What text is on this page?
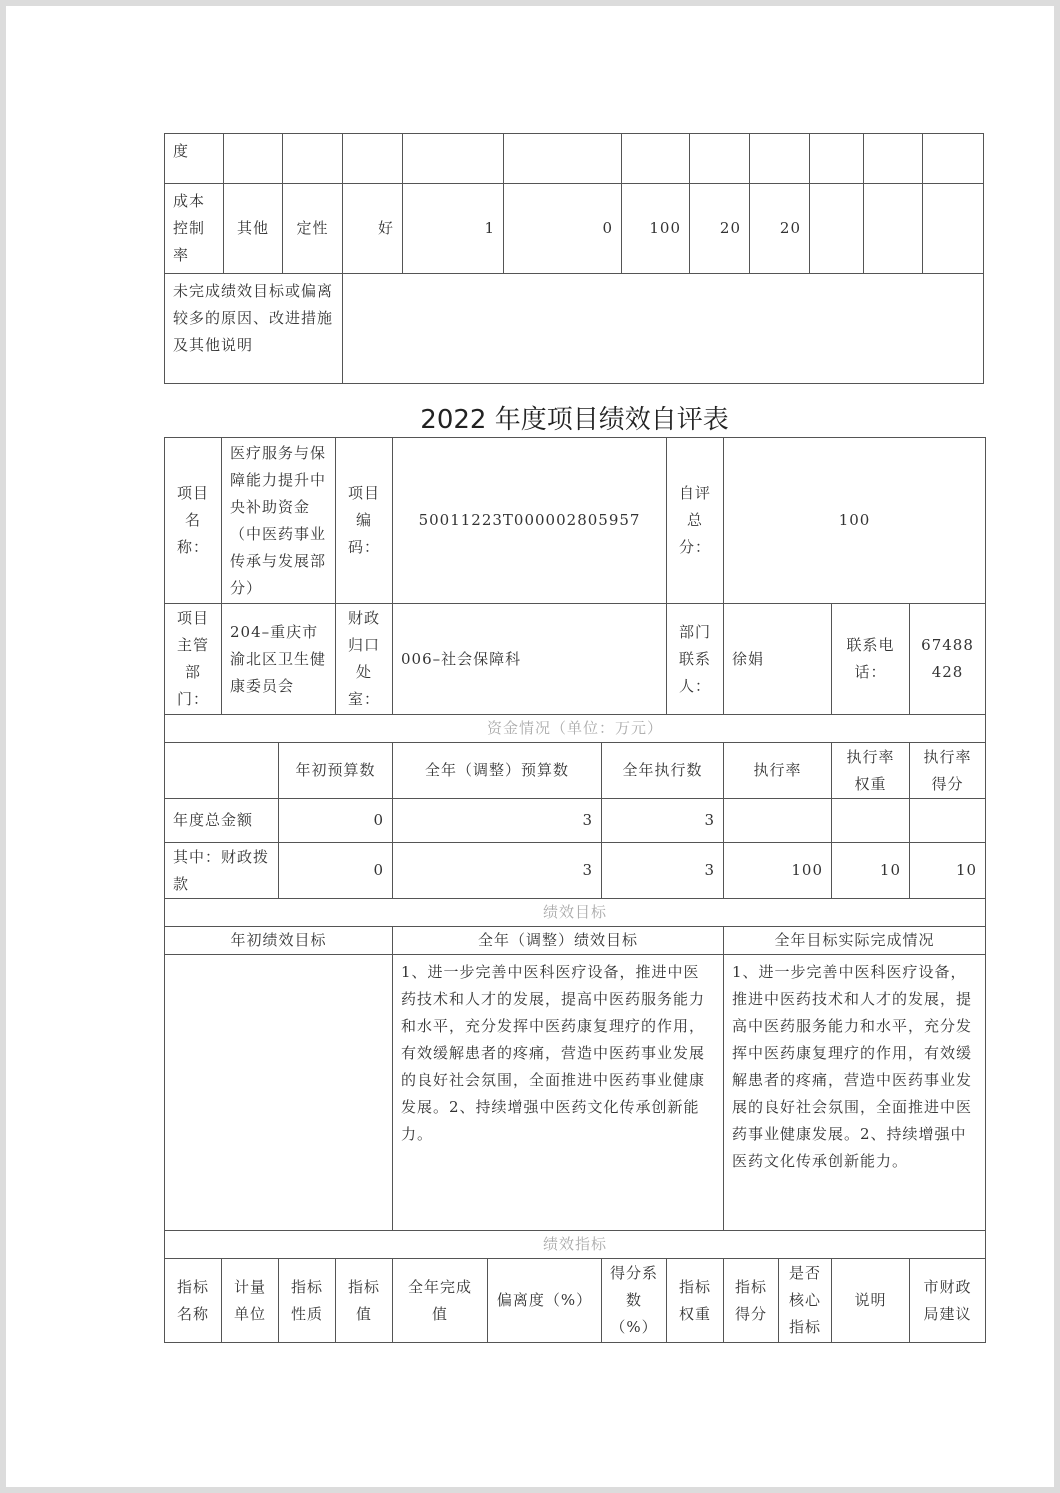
度											
成本控制率	其他	定性	好	1	0	100	20	20			
未完成绩效目标或偏离较多的原因、改进措施及其他说明											
2022 年度项目绩效自评表
项目名称：	医疗服务与保障能力提升中央补助资金（中医药事业传承与发展部分）		项目编码：	50011223T000002805957			自评总分：	100			
项目主管部门：	204–重庆市渝北区卫生健康委员会		财政归口处室：	006–社会保障科			部门联系人：	徐娟		联系电话：	67488428
资金情况（单位：万元）											
		年初预算数		全年（调整）预算数		全年执行数		执行率		执行率权重	执行率得分
年度总金额		0		3		3					
其中：财政拨款		0		3		3		100		10	10
绩效目标											
年初绩效目标				全年（调整）绩效目标				全年目标实际完成情况			
				1、进一步完善中医科医疗设备，推进中医药技术和人才的发展，提高中医药服务能力和水平，充分发挥中医药康复理疗的作用，有效缓解患者的疼痛，营造中医药事业发展的良好社会氛围，全面推进中医药事业健康发展。2、持续增强中医药文化传承创新能力。				1、进一步完善中医科医疗设备，推进中医药技术和人才的发展，提高中医药服务能力和水平，充分发挥中医药康复理疗的作用，有效缓解患者的疼痛，营造中医药事业发展的良好社会氛围，全面推进中医药事业健康发展。2、持续增强中医药文化传承创新能力。			
绩效指标											
指标名称	计量单位	指标性质	指标值	全年完成值	偏离度（%）	得分系数（%）	指标权重	指标得分	是否核心指标	说明	市财政局建议
